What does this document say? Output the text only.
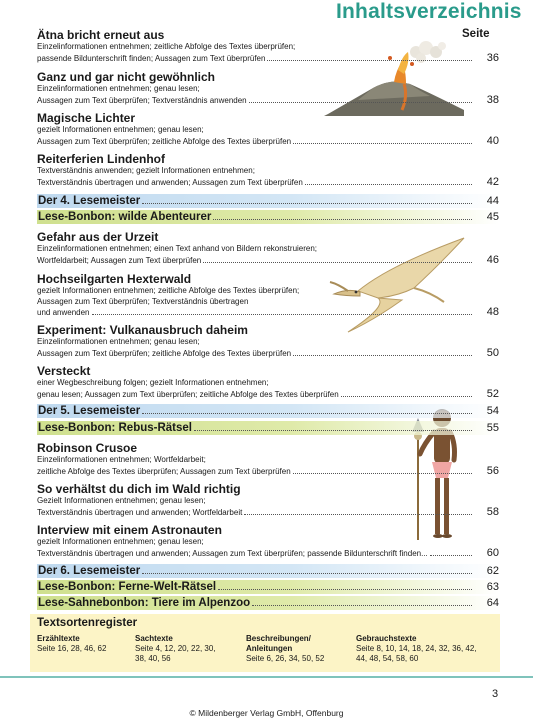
Inhaltsverzeichnis
Seite
Ätna bricht erneut aus
Einzelinformationen entnehmen; zeitliche Abfolge des Textes überprüfen;
passende Bildunterschrift finden; Aussagen zum Text überprüfen	36
Ganz und gar nicht gewöhnlich
Einzelinformationen entnehmen; genau lesen;
Aussagen zum Text überprüfen; Textverständnis anwenden	38
Magische Lichter
gezielt Informationen entnehmen; genau lesen;
Aussagen zum Text überprüfen; zeitliche Abfolge des Textes überprüfen	40
Reiterferien Lindenhof
Textverständnis anwenden; gezielt Informationen entnehmen;
Textverständnis übertragen und anwenden; Aussagen zum Text überprüfen	42
Der 4. Lesemeister	44
Lese-Bonbon: wilde Abenteurer	45
Gefahr aus der Urzeit
Einzelinformationen entnehmen; einen Text anhand von Bildern rekonstruieren;
Wortfeldarbeit; Aussagen zum Text überprüfen	46
Hochseilgarten Hexterwald
gezielt Informationen entnehmen; zeitliche Abfolge des Textes überprüfen;
Aussagen zum Text überprüfen; Textverständnis übertragen
und anwenden	48
Experiment: Vulkanausbruch daheim
Einzelinformationen entnehmen; genau lesen;
Aussagen zum Text überprüfen; zeitliche Abfolge des Textes überprüfen	50
Versteckt
einer Wegbeschreibung folgen; gezielt Informationen entnehmen;
genau lesen; Aussagen zum Text überprüfen; zeitliche Abfolge des Textes überprüfen	52
Der 5. Lesemeister	54
Lese-Bonbon: Rebus-Rätsel	55
Robinson Crusoe
Einzelinformationen entnehmen; Wortfeldarbeit;
zeitliche Abfolge des Textes überprüfen; Aussagen zum Text überprüfen	56
So verhältst du dich im Wald richtig
Gezielt Informationen entnehmen; genau lesen;
Textverständnis übertragen und anwenden; Wortfeldarbeit	58
Interview mit einem Astronauten
gezielt Informationen entnehmen; genau lesen;
Textverständnis übertragen und anwenden; Aussagen zum Text überprüfen; passende Bildunterschrift finden...	60
Der 6. Lesemeister	62
Lese-Bonbon: Ferne-Welt-Rätsel	63
Lese-Sahnebonbon: Tiere im Alpenzoo	64
Textsortenregister
Erzähltexte
Seite 16, 28, 46, 62
Sachtexte
Seite 4, 12, 20, 22, 30,
38, 40, 56
Beschreibungen/
Anleitungen
Seite 6, 26, 34, 50, 52
Gebrauchstexte
Seite 8, 10, 14, 18, 24, 32, 36, 42,
44, 48, 54, 58, 60
3
© Mildenberger Verlag GmbH, Offenburg
